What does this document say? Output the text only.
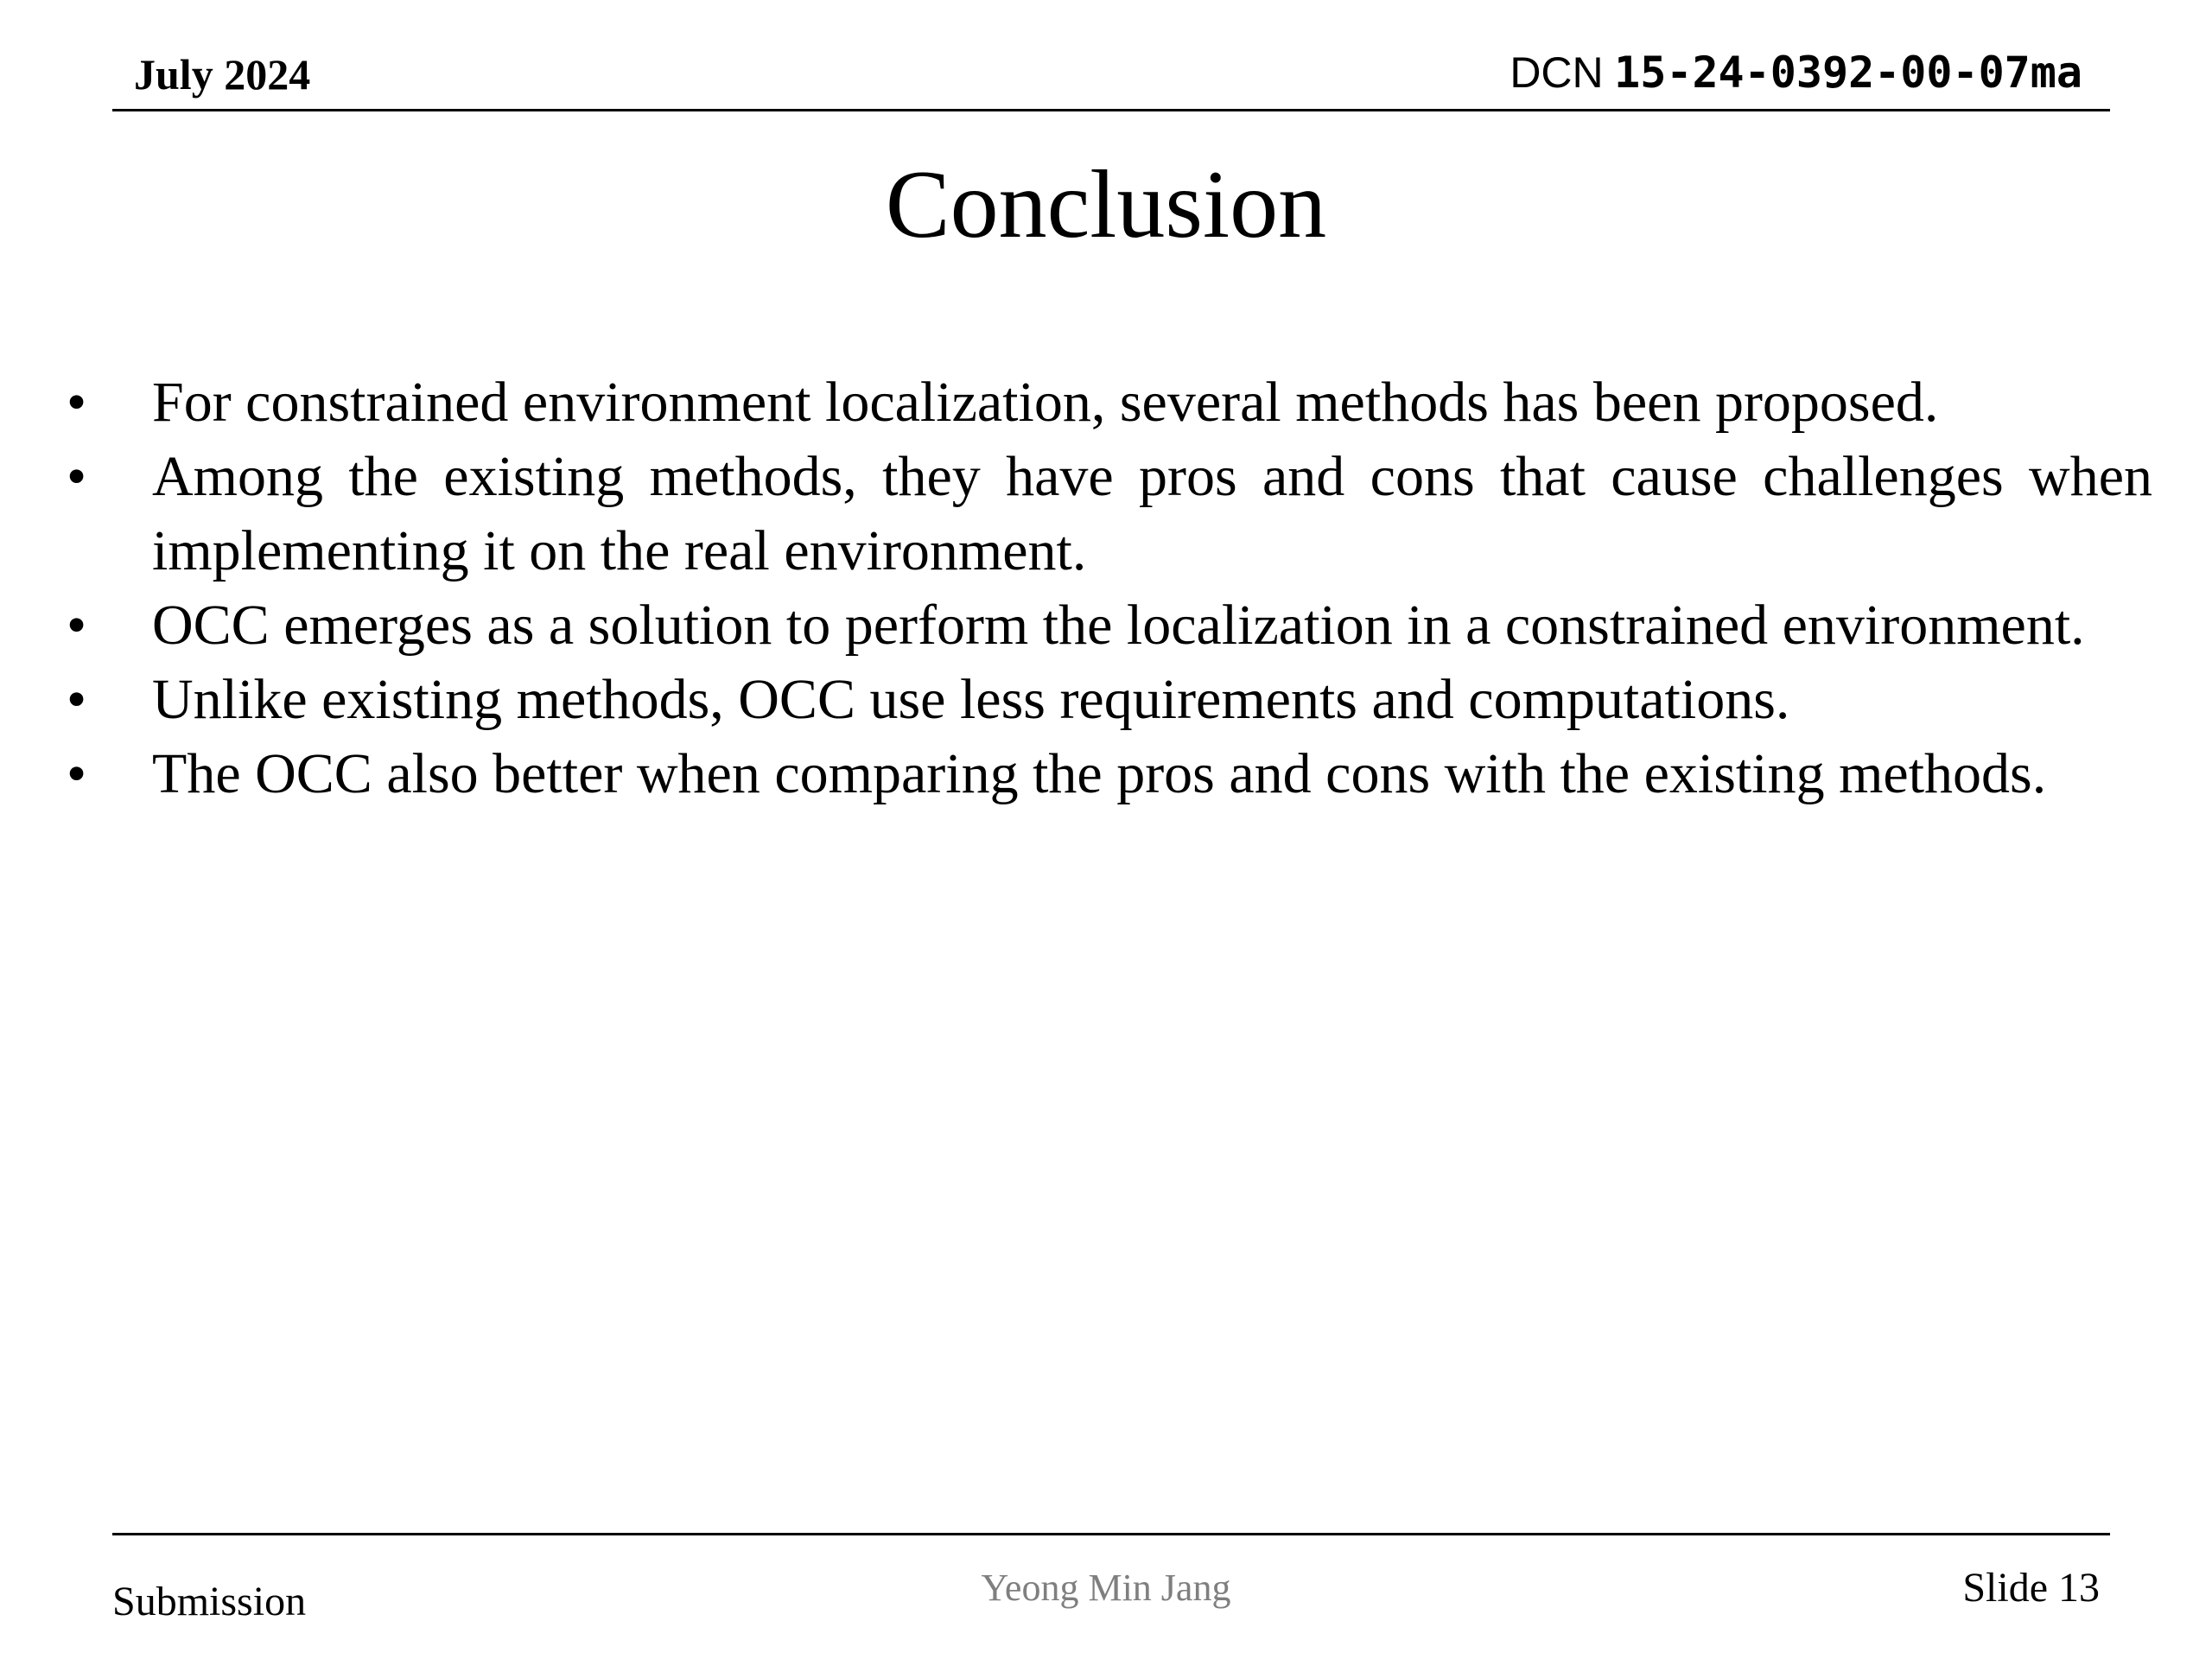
July 2024	DCN 15-24-0392-00-07ma
Conclusion
• For constrained environment localization, several methods has been proposed.
• Among the existing methods, they have pros and cons that cause challenges when implementing it on the real environment.
• OCC emerges as a solution to perform the localization in a constrained environment.
• Unlike existing methods, OCC use less requirements and computations.
• The OCC also better when comparing the pros and cons with the existing methods.
Submission	Yeong Min Jang	Slide 13
